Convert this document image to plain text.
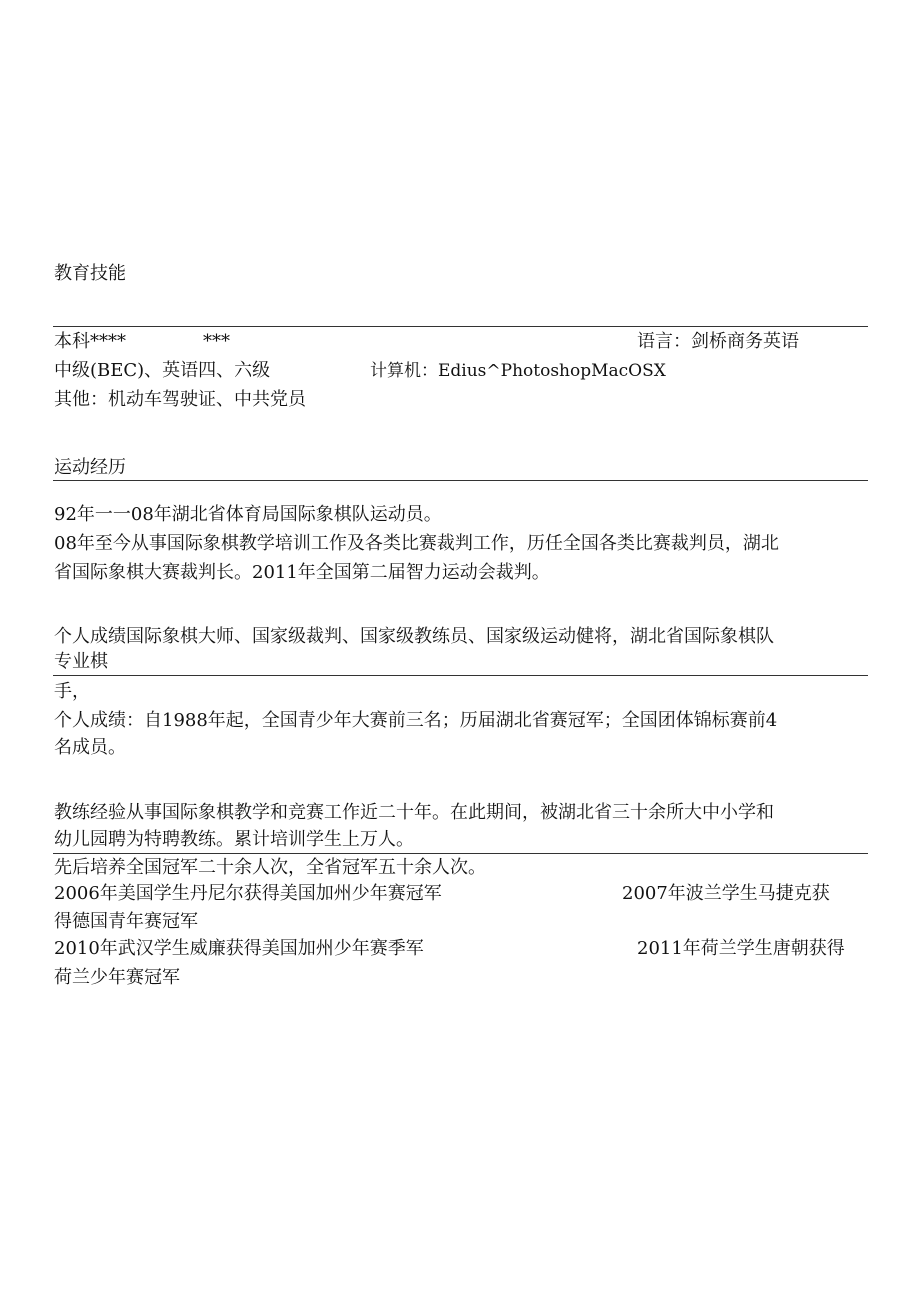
教育技能

本科****	***	语言：剑桥商务英语

中级(BEC)、英语四、六级	计算机：Edius^PhotoshopMacOSX

其他：机动车驾驶证、中共党员

运动经历

92年一一08年湖北省体育局国际象棋队运动员。

08年至今从事国际象棋教学培训工作及各类比赛裁判工作，历任全国各类比赛裁判员，湖北

省国际象棋大赛裁判长。2011年全国第二届智力运动会裁判。

个人成绩国际象棋大师、国家级裁判、国家级教练员、国家级运动健将，湖北省国际象棋队

专业棋

手，

个人成绩：自1988年起，全国青少年大赛前三名；历届湖北省赛冠军；全国团体锦标赛前4

名成员。

教练经验从事国际象棋教学和竞赛工作近二十年。在此期间，被湖北省三十余所大中小学和

幼儿园聘为特聘教练。累计培训学生上万人。

先后培养全国冠军二十余人次，全省冠军五十余人次。

2006年美国学生丹尼尔获得美国加州少年赛冠军	2007年波兰学生马捷克获

得德国青年赛冠军

2010年武汉学生威廉获得美国加州少年赛季军	2011年荷兰学生唐朝获得

荷兰少年赛冠军
